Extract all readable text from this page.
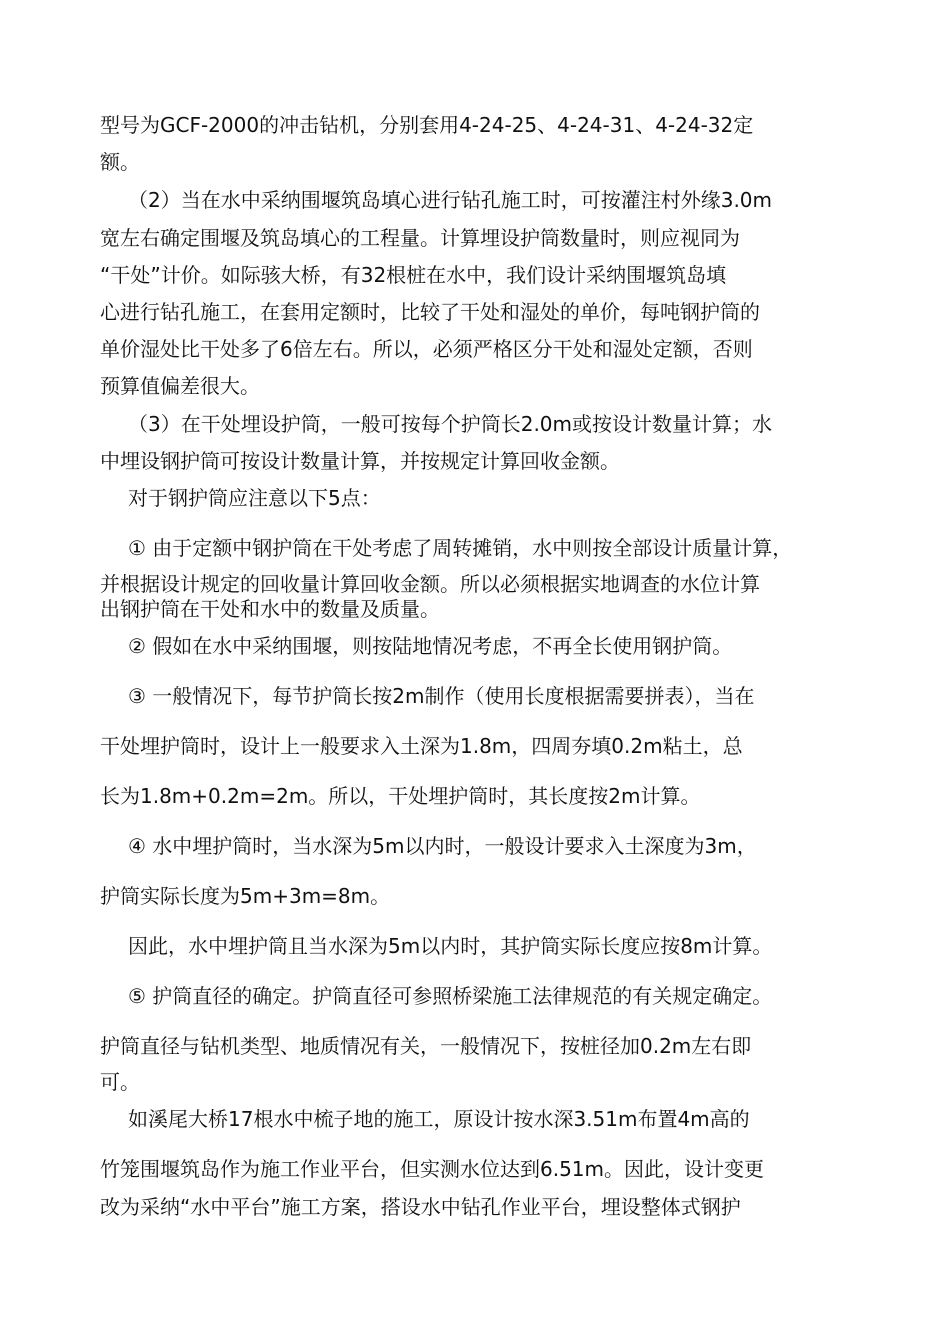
型号为GCF-2000的冲击钻机，分别套用4-24-25、4-24-31、4-24-32定
额。
（2）当在水中采纳围堰筑岛填心进行钻孔施工时，可按灌注村外缘3.0m
宽左右确定围堰及筑岛填心的工程量。计算埋设护筒数量时，则应视同为
“干处”计价。如际骇大桥，有32根桩在水中，我们设计采纳围堰筑岛填
心进行钻孔施工，在套用定额时，比较了干处和湿处的单价，每吨钢护筒的
单价湿处比干处多了6倍左右。所以，必须严格区分干处和湿处定额，否则
预算值偏差很大。
（3）在干处埋设护筒，一般可按每个护筒长2.0m或按设计数量计算；水
中埋设钢护筒可按设计数量计算，并按规定计算回收金额。
对于钢护筒应注意以下5点：
① 由于定额中钢护筒在干处考虑了周转摊销，水中则按全部设计质量计算，
并根据设计规定的回收量计算回收金额。所以必须根据实地调查的水位计算
出钢护筒在干处和水中的数量及质量。
② 假如在水中采纳围堰，则按陆地情况考虑，不再全长使用钢护筒。
③ 一般情况下，每节护筒长按2m制作（使用长度根据需要拼表），当在
干处埋护筒时，设计上一般要求入土深为1.8m，四周夯填0.2m粘土，总
长为1.8m+0.2m=2m。所以，干处埋护筒时，其长度按2m计算。
④ 水中埋护筒时，当水深为5m以内时，一般设计要求入土深度为3m，
护筒实际长度为5m+3m=8m。
因此，水中埋护筒且当水深为5m以内时，其护筒实际长度应按8m计算。
⑤ 护筒直径的确定。护筒直径可参照桥梁施工法律规范的有关规定确定。
护筒直径与钻机类型、地质情况有关，一般情况下，按桩径加0.2m左右即
可。
如溪尾大桥17根水中梳子地的施工，原设计按水深3.51m布置4m高的
竹笼围堰筑岛作为施工作业平台，但实测水位达到6.51m。因此，设计变更
改为采纳“水中平台”施工方案，搭设水中钻孔作业平台，埋设整体式钢护
